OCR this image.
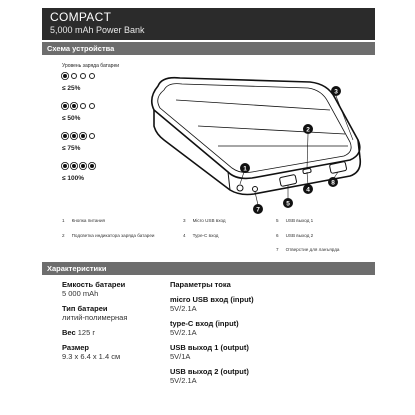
COMPACT
5,000 mAh Power Bank
Схема устройства
Уровень заряда батареи
≤ 25%
≤ 50%
≤ 75%
≤ 100%
1
2
3
4
5
7
8
1 Кнопка питания
2 Подсветка индикатора заряда батареи
3 Micro USB вход
4 Type-C вход
5 USB выход 1
6 USB выход 2
7 Отверстие для ланъярда
Характеристики
Емкость батареи
5 000 mAh
Тип батареи
литий-полимерная
Вес 125 г
Размер
9.3 x 6.4 x 1.4 см
Параметры тока
micro USB вход (input)
5V/2.1A
type-C вход (input)
5V/2.1A
USB выход 1 (output)
5V/1A
USB выход 2 (output)
5V/2.1A
